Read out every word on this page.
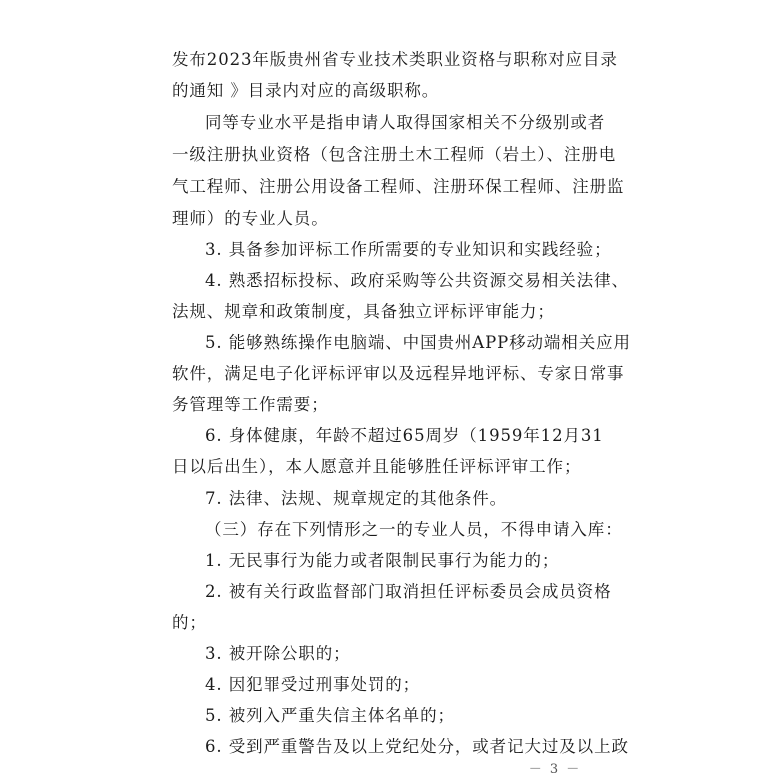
发布2023年版贵州省专业技术类职业资格与职称对应目录
的通知 》目录内对应的高级职称。
同等专业水平是指申请人取得国家相关不分级别或者
一级注册执业资格（包含注册土木工程师（岩土）、注册电
气工程师、注册公用设备工程师、注册环保工程师、注册监
理师）的专业人员。
3. 具备参加评标工作所需要的专业知识和实践经验；
4. 熟悉招标投标、政府采购等公共资源交易相关法律、
法规、规章和政策制度，具备独立评标评审能力；
5. 能够熟练操作电脑端、中国贵州APP移动端相关应用
软件，满足电子化评标评审以及远程异地评标、专家日常事
务管理等工作需要；
6. 身体健康，年龄不超过65周岁（1959年12月31
日以后出生），本人愿意并且能够胜任评标评审工作；
7. 法律、法规、规章规定的其他条件。
（三）存在下列情形之一的专业人员，不得申请入库：
1. 无民事行为能力或者限制民事行为能力的；
2. 被有关行政监督部门取消担任评标委员会成员资格
的；
3. 被开除公职的；
4. 因犯罪受过刑事处罚的；
5. 被列入严重失信主体名单的；
6. 受到严重警告及以上党纪处分，或者记大过及以上政
－ 3 －
